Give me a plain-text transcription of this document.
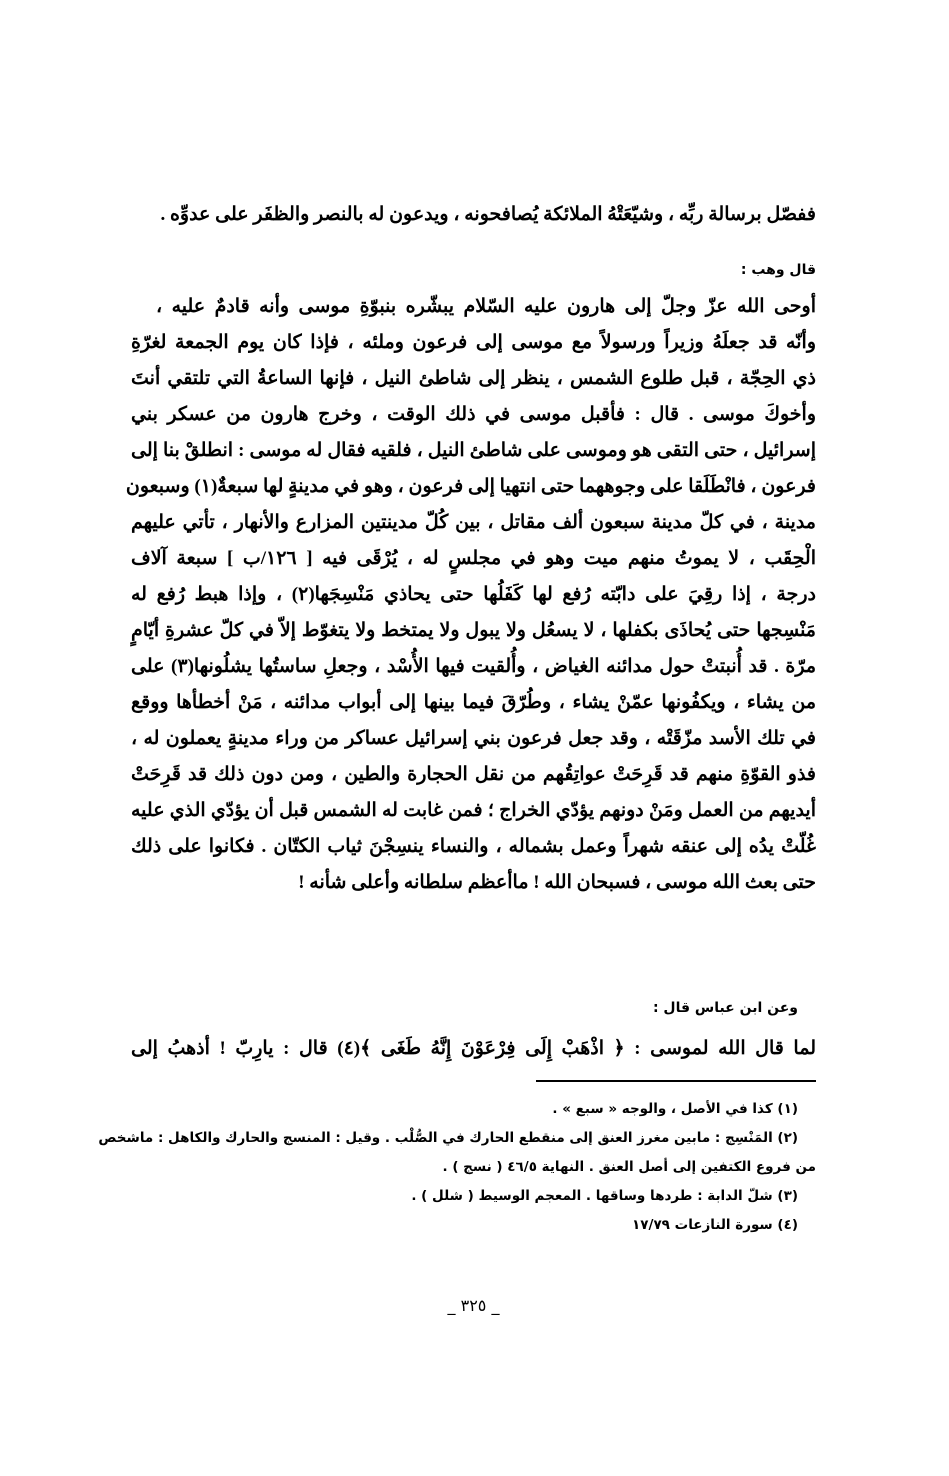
ففصّل برسالة ربِّه ، وشيّعَتْهُ الملائكة يُصافحونه ، ويدعون له بالنصر والظفَر على عدوِّه .
قال وهب :
أوحى الله عزّ وجلّ إلى هارون عليه السّلام يبشّره بنبوّةِ موسى وأنه قادمٌ عليه ،
وأنّه قد جعلَهُ وزيراً ورسولاً مع موسى إلى فرعون وملئه ، فإذا كان يوم الجمعة لغرّةِ
ذي الحِجّة ، قبل طلوع الشمس ، ينظر إلى شاطئ النيل ، فإنها الساعةُ التي تلتقي أنتَ
وأخوكَ موسى . قال : فأقبل موسى في ذلك الوقت ، وخرج هارون من عسكر بني
إسرائيل ، حتى التقى هو وموسى على شاطئ النيل ، فلقيه فقال له موسى : انطلقْ بنا إلى
فرعون ، فانْطَلَقا على وجوههما حتى انتهيا إلى فرعون ، وهو في مدينةٍ لها سبعةٌ(١) وسبعون
مدينة ، في كلّ مدينة سبعون ألف مقاتل ، بين كُلّ مدينتين المزارع والأنهار ، تأتي عليهم
الْحِقَب ، لا يموتُ منهم ميت وهو في مجلسٍ له ، يُرْقَى فيه [ ١٢٦/ب ] سبعة آلاف
درجة ، إذا رقِيَ على دابّته رُفع لها كَفَلُها حتى يحاذي مَنْسِجَها(٢) ، وإذا هبط رُفع له
مَنْسِجها حتى يُحاذَى بكفلها ، لا يسعُل ولا يبول ولا يمتخط ولا يتغوّط إلاّ في كلّ عشرةِ أيّامٍ
مرّة . قد أُنبتتْ حول مدائنه الغياض ، وأُلقيت فيها الأُسْد ، وجعلِ ساستُها يشلُونها(٣) على
من يشاء ، ويكفُونها عمّنْ يشاء ، وطُرّقَ فيما بينها إلى أبواب مدائنه ، مَنْ أخطأها ووقع
في تلك الأسد مزّقَتْه ، وقد جعل فرعون بني إسرائيل عساكر من وراء مدينةٍ يعملون له ،
فذو القوّةِ منهم قد قَرِحَتْ عواتِقُهم من نقل الحجارة والطين ، ومن دون ذلك قد قَرِحَتْ
أيديهم من العمل ومَنْ دونهم يؤدّي الخراج ؛ فمن غابت له الشمس قبل أن يؤدّي الذي عليه
غُلّتْ يدُه إلى عنقه شهراً وعمل بشماله ، والنساء ينسِجْنَ ثياب الكتّان . فكانوا على ذلك
حتى بعث الله موسى ، فسبحان الله ! ماأعظم سلطانه وأعلى شأنه !
وعن ابن عباس قال :
لما قال الله لموسى : ﴿ اذْهَبْ إِلَى فِرْعَوْنَ إِنَّهُ طَغَى ﴾(٤) قال : يارِبّ ! أذهبُ إلى
(١) كذا في الأصل ، والوجه « سبع » .
(٢) المَنْسِج : مابين مغرز العنق إلى منقطع الحارك في الصُّلْب . وقيل : المنسج والحارك والكاهل : ماشخص
من فروع الكتفين إلى أصل العنق . النهاية ٤٦/٥ ( نسج ) .
(٣) شلّ الدابة : طردها وساقها . المعجم الوسيط ( شلل ) .
(٤) سورة النازعات ١٧/٧٩
_ ٣٢٥ _
